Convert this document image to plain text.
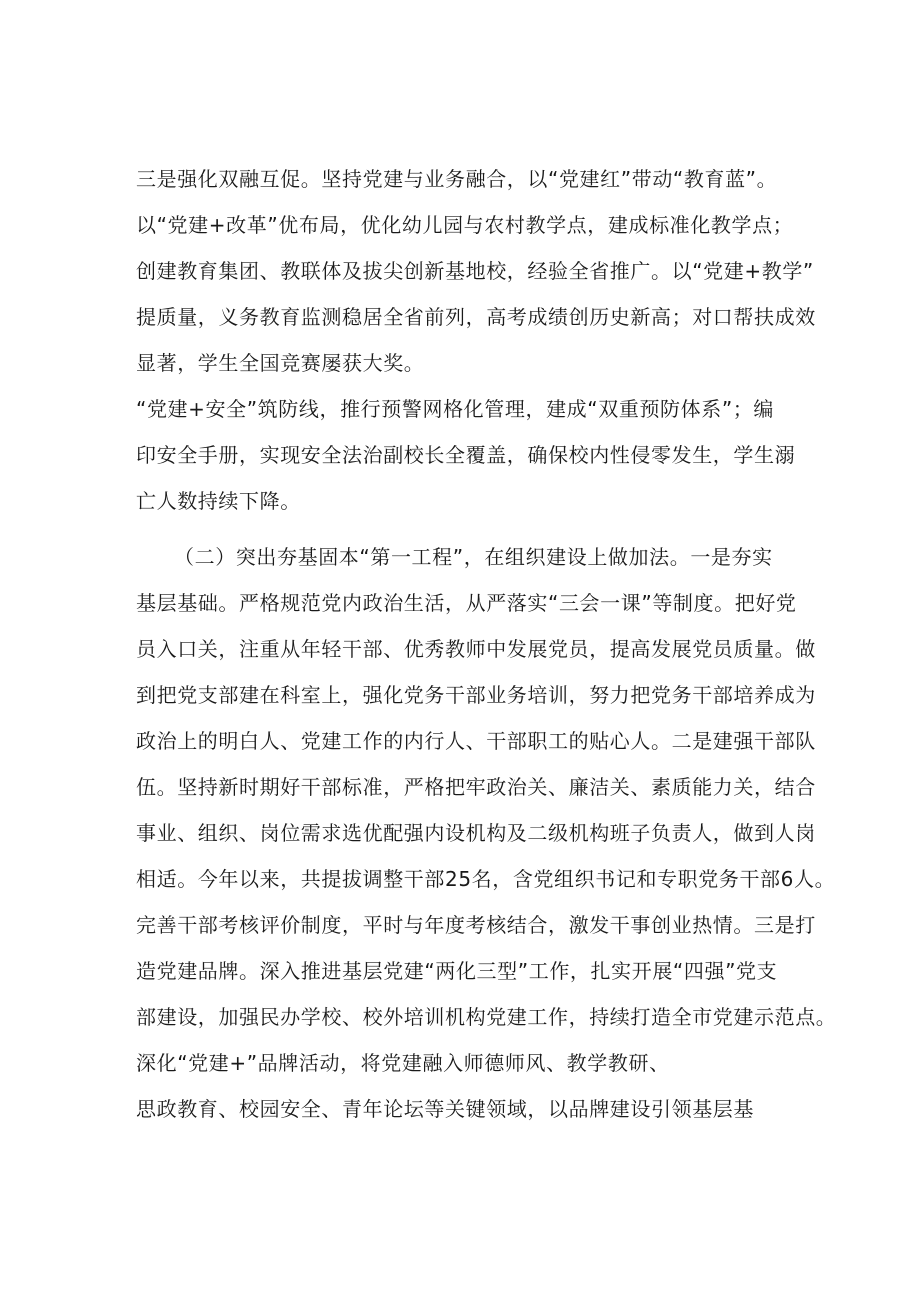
三是强化双融互促。坚持党建与业务融合，以“党建红”带动“教育蓝”。
以“党建+改革”优布局，优化幼儿园与农村教学点，建成标准化教学点；
创建教育集团、教联体及拔尖创新基地校，经验全省推广。以“党建+教学”
提质量，义务教育监测稳居全省前列，高考成绩创历史新高；对口帮扶成效
显著，学生全国竞赛屡获大奖。
“党建+安全”筑防线，推行预警网格化管理，建成“双重预防体系”；编
印安全手册，实现安全法治副校长全覆盖，确保校内性侵零发生，学生溺
亡人数持续下降。
（二）突出夯基固本“第一工程”，在组织建设上做加法。一是夯实
基层基础。严格规范党内政治生活，从严落实“三会一课”等制度。把好党
员入口关，注重从年轻干部、优秀教师中发展党员，提高发展党员质量。做
到把党支部建在科室上，强化党务干部业务培训，努力把党务干部培养成为
政治上的明白人、党建工作的内行人、干部职工的贴心人。二是建强干部队
伍。坚持新时期好干部标准，严格把牢政治关、廉洁关、素质能力关，结合
事业、组织、岗位需求选优配强内设机构及二级机构班子负责人，做到人岗
相适。今年以来，共提拔调整干部25名，含党组织书记和专职党务干部6人。
完善干部考核评价制度，平时与年度考核结合，激发干事创业热情。三是打
造党建品牌。深入推进基层党建“两化三型”工作，扎实开展“四强”党支
部建设，加强民办学校、校外培训机构党建工作，持续打造全市党建示范点。
深化“党建+”品牌活动，将党建融入师德师风、教学教研、
思政教育、校园安全、青年论坛等关键领域，以品牌建设引领基层基
